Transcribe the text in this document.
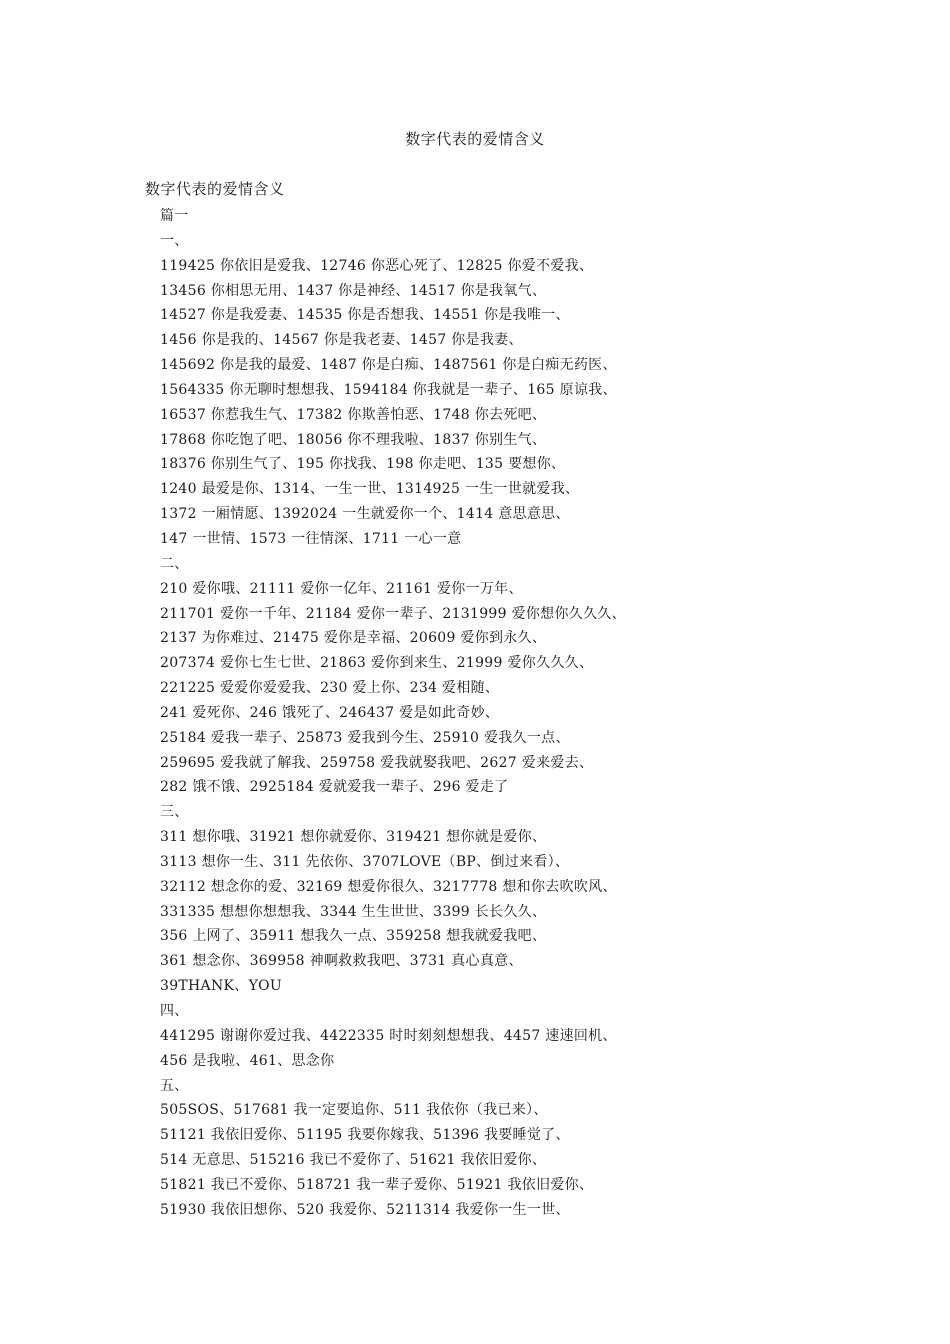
数字代表的爱情含义
数字代表的爱情含义
篇一
一、
119425 你依旧是爱我、12746 你恶心死了、12825 你爱不爱我、
13456 你相思无用、1437 你是神经、14517 你是我氧气、
14527 你是我爱妻、14535 你是否想我、14551 你是我唯一、
1456 你是我的、14567 你是我老妻、1457 你是我妻、
145692 你是我的最爱、1487 你是白痴、1487561 你是白痴无药医、
1564335 你无聊时想想我、1594184 你我就是一辈子、165 原谅我、
16537 你惹我生气、17382 你欺善怕恶、1748 你去死吧、
17868 你吃饱了吧、18056 你不理我啦、1837 你别生气、
18376 你别生气了、195 你找我、198 你走吧、135 要想你、
1240 最爱是你、1314、一生一世、1314925 一生一世就爱我、
1372 一厢情愿、1392024 一生就爱你一个、1414 意思意思、
147 一世情、1573 一往情深、1711 一心一意
二、
210 爱你哦、21111 爱你一亿年、21161 爱你一万年、
211701 爱你一千年、21184 爱你一辈子、2131999 爱你想你久久久、
2137 为你难过、21475 爱你是幸福、20609 爱你到永久、
207374 爱你七生七世、21863 爱你到来生、21999 爱你久久久、
221225 爱爱你爱爱我、230 爱上你、234 爱相随、
241 爱死你、246 饿死了、246437 爱是如此奇妙、
25184 爱我一辈子、25873 爱我到今生、25910 爱我久一点、
259695 爱我就了解我、259758 爱我就娶我吧、2627 爱来爱去、
282 饿不饿、2925184 爱就爱我一辈子、296 爱走了
三、
311 想你哦、31921 想你就爱你、319421 想你就是爱你、
3113 想你一生、311 先依你、3707LOVE（BP、倒过来看）、
32112 想念你的爱、32169 想爱你很久、3217778 想和你去吹吹风、
331335 想想你想想我、3344 生生世世、3399 长长久久、
356 上网了、35911 想我久一点、359258 想我就爱我吧、
361 想念你、369958 神啊救救我吧、3731 真心真意、
39THANK、YOU
四、
441295 谢谢你爱过我、4422335 时时刻刻想想我、4457 速速回机、
456 是我啦、461、思念你
五、
505SOS、517681 我一定要追你、511 我依你（我已来）、
51121 我依旧爱你、51195 我要你嫁我、51396 我要睡觉了、
514 无意思、515216 我已不爱你了、51621 我依旧爱你、
51821 我已不爱你、518721 我一辈子爱你、51921 我依旧爱你、
51930 我依旧想你、520 我爱你、5211314 我爱你一生一世、
